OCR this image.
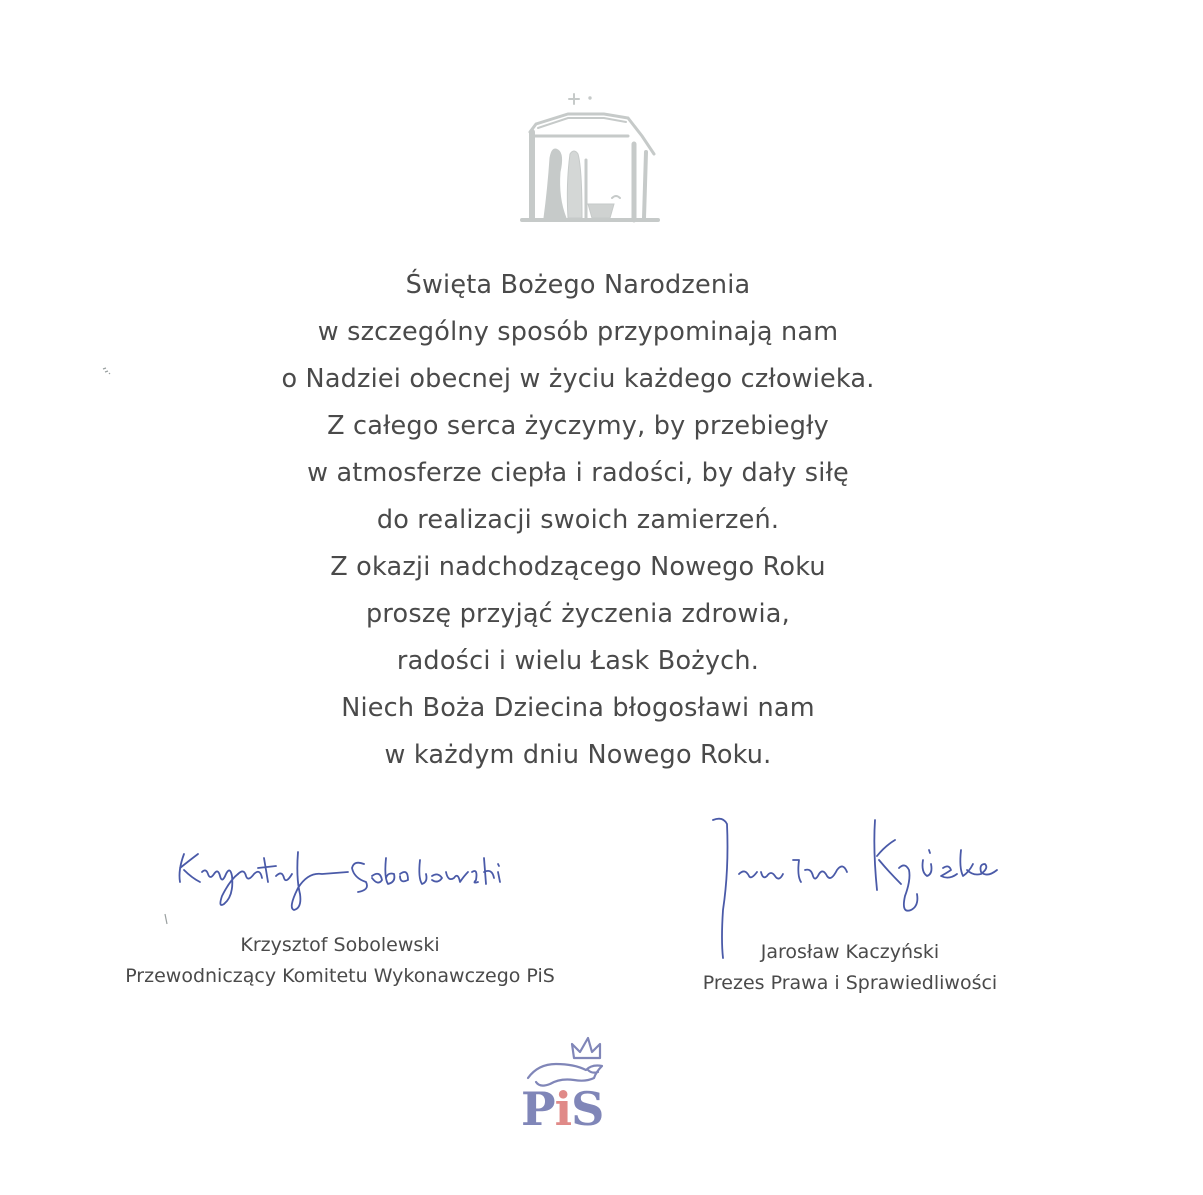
Święta Bożego Narodzenia
w szczególny sposób przypominają nam
o Nadziei obecnej w życiu każdego człowieka.
Z całego serca życzymy, by przebiegły
w atmosferze ciepła i radości, by dały siłę
do realizacji swoich zamierzeń.
Z okazji nadchodzącego Nowego Roku
proszę przyjąć życzenia zdrowia,
radości i wielu Łask Bożych.
Niech Boża Dziecina błogosławi nam
w każdym dniu Nowego Roku.
Krzysztof Sobolewski
Przewodniczący Komitetu Wykonawczego PiS
Jarosław Kaczyński
Prezes Prawa i Sprawiedliwości
PiS
